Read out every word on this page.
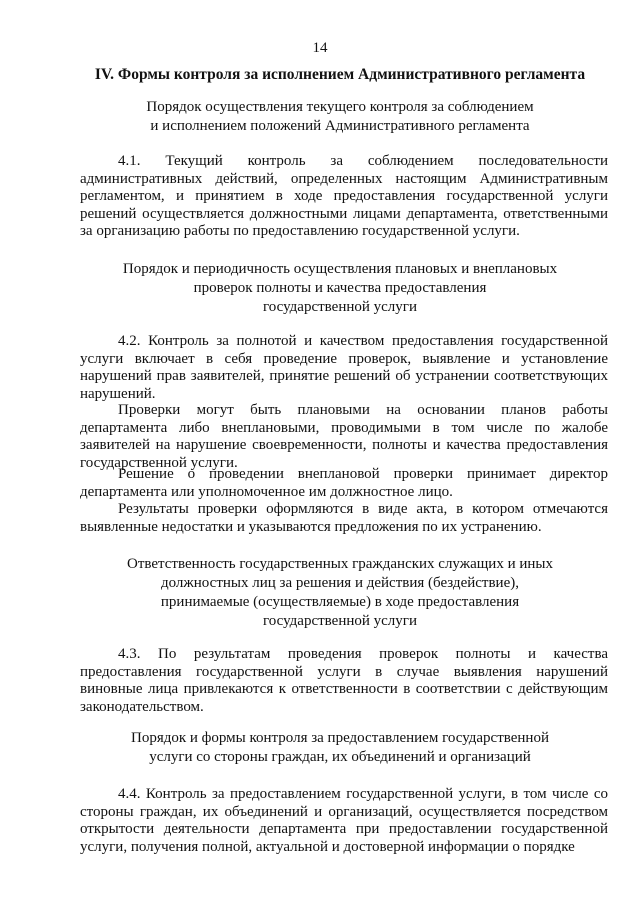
14
IV. Формы контроля за исполнением Административного регламента
Порядок осуществления текущего контроля за соблюдением
и исполнением положений Административного регламента
4.1. Текущий контроль за соблюдением последовательности административных действий, определенных настоящим Административным регламентом, и принятием в ходе предоставления государственной услуги решений осуществляется должностными лицами департамента, ответственными за организацию работы по предоставлению государственной услуги.
Порядок и периодичность осуществления плановых и внеплановых
проверок полноты и качества предоставления
государственной услуги
4.2. Контроль за полнотой и качеством предоставления государственной услуги включает в себя проведение проверок, выявление и установление нарушений прав заявителей, принятие решений об устранении соответствующих нарушений.
Проверки могут быть плановыми на основании планов работы департамента либо внеплановыми, проводимыми в том числе по жалобе заявителей на нарушение своевременности, полноты и качества предоставления государственной услуги.
Решение о проведении внеплановой проверки принимает директор департамента или уполномоченное им должностное лицо.
Результаты проверки оформляются в виде акта, в котором отмечаются выявленные недостатки и указываются предложения по их устранению.
Ответственность государственных гражданских служащих и иных
должностных лиц за решения и действия (бездействие),
принимаемые (осуществляемые) в ходе предоставления
государственной услуги
4.3. По результатам проведения проверок полноты и качества предоставления государственной услуги в случае выявления нарушений виновные лица привлекаются к ответственности в соответствии с действующим законодательством.
Порядок и формы контроля за предоставлением государственной
услуги со стороны граждан, их объединений и организаций
4.4. Контроль за предоставлением государственной услуги, в том числе со стороны граждан, их объединений и организаций, осуществляется посредством открытости деятельности департамента при предоставлении государственной услуги, получения полной, актуальной и достоверной информации о порядке
